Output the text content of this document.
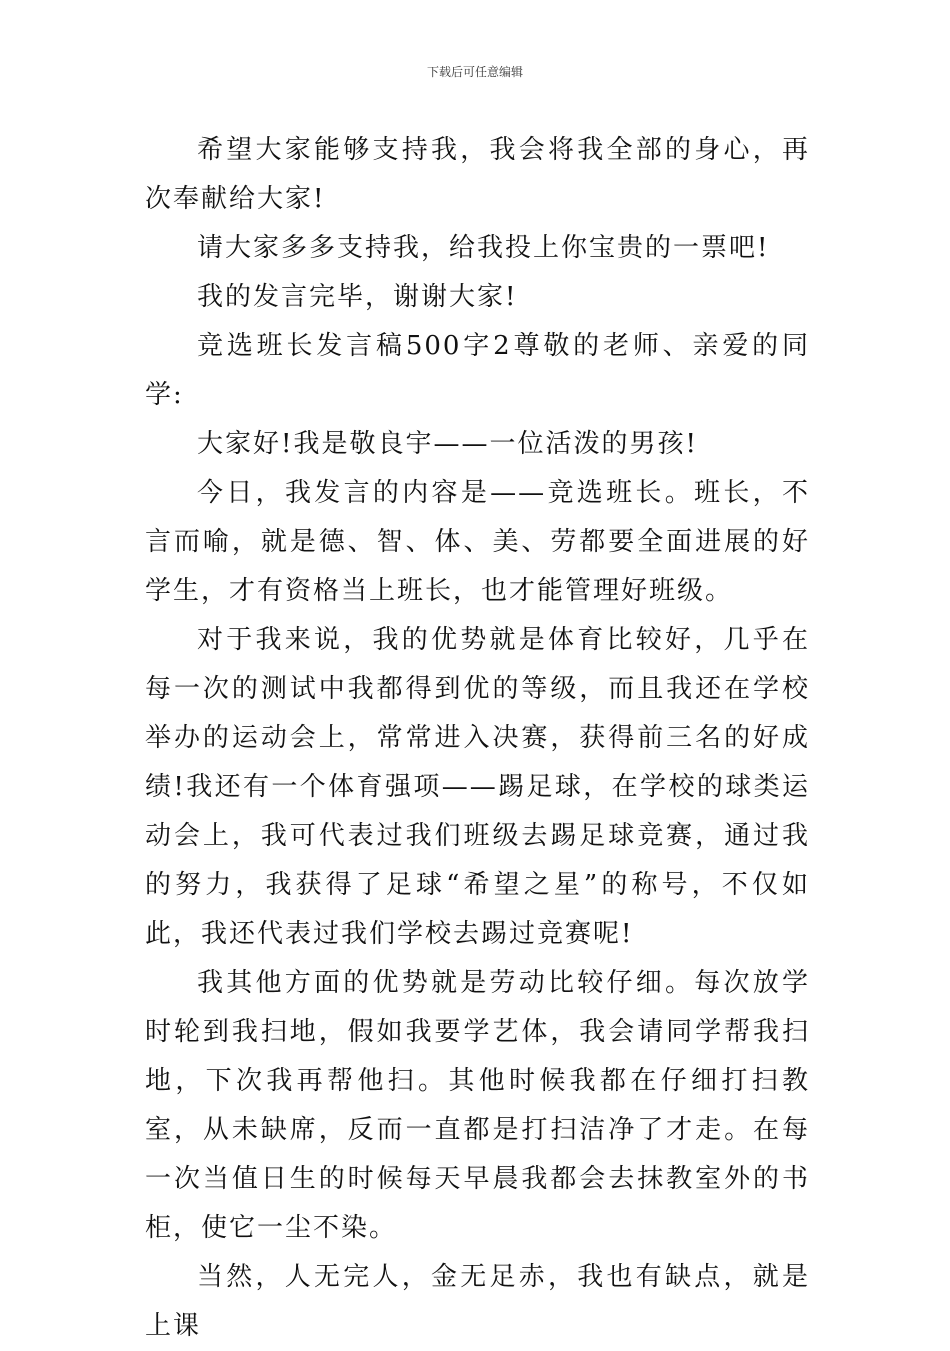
下载后可任意编辑

希望大家能够支持我，我会将我全部的身心，再次奉献给大家!

请大家多多支持我，给我投上你宝贵的一票吧!

我的发言完毕，谢谢大家!

竞选班长发言稿500字2尊敬的老师、亲爱的同学:

大家好!我是敬良宇——一位活泼的男孩!

今日，我发言的内容是——竞选班长。班长，不言而喻，就是德、智、体、美、劳都要全面进展的好学生，才有资格当上班长，也才能管理好班级。

对于我来说，我的优势就是体育比较好，几乎在每一次的测试中我都得到优的等级，而且我还在学校举办的运动会上，常常进入决赛，获得前三名的好成绩!我还有一个体育强项——踢足球，在学校的球类运动会上，我可代表过我们班级去踢足球竞赛，通过我的努力，我获得了足球“希望之星”的称号，不仅如此，我还代表过我们学校去踢过竞赛呢!

我其他方面的优势就是劳动比较仔细。每次放学时轮到我扫地，假如我要学艺体，我会请同学帮我扫地，下次我再帮他扫。其他时候我都在仔细打扫教室，从未缺席，反而一直都是打扫洁净了才走。在每一次当值日生的时候每天早晨我都会去抹教室外的书柜，使它一尘不染。

当然，人无完人，金无足赤，我也有缺点，就是上课
